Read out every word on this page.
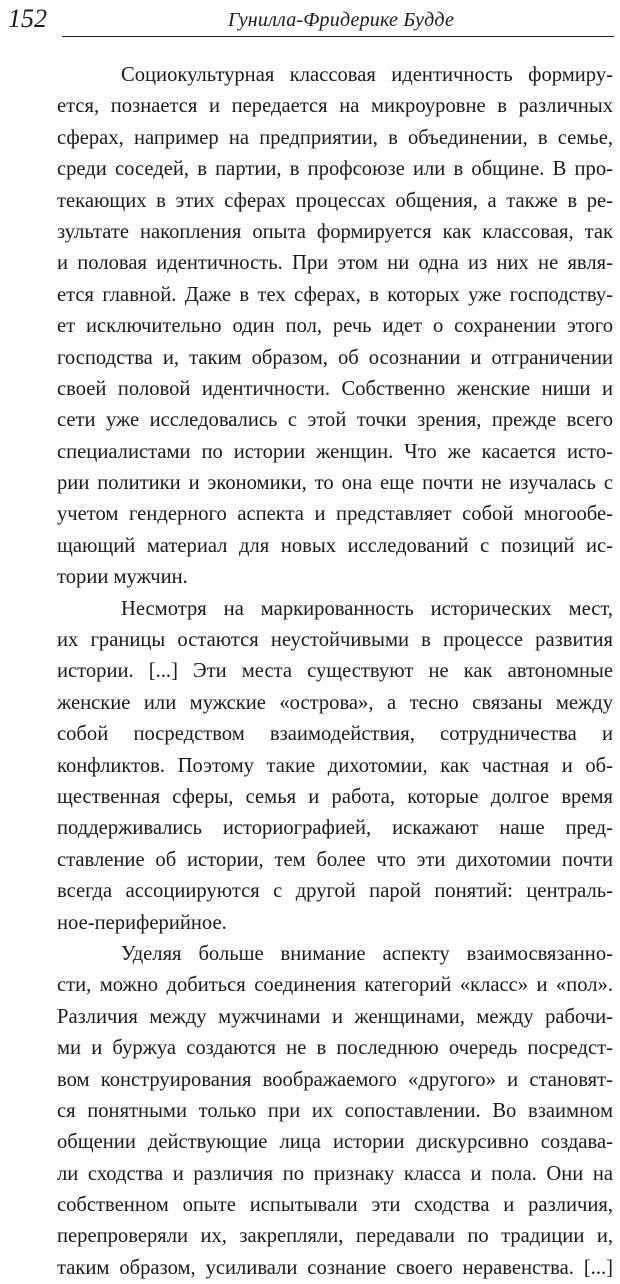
152	Гунилла-Фридерике Будде
Социокультурная классовая идентичность формиру-
ется, познается и передается на микроуровне в различных
сферах, например на предприятии, в объединении, в семье,
среди соседей, в партии, в профсоюзе или в общине. В про-
текающих в этих сферах процессах общения, а также в ре-
зультате накопления опыта формируется как классовая, так
и половая идентичность. При этом ни одна из них не явля-
ется главной. Даже в тех сферах, в которых уже господству-
ет исключительно один пол, речь идет о сохранении этого
господства и, таким образом, об осознании и отграничении
своей половой идентичности. Собственно женские ниши и
сети уже исследовались с этой точки зрения, прежде всего
специалистами по истории женщин. Что же касается исто-
рии политики и экономики, то она еще почти не изучалась с
учетом гендерного аспекта и представляет собой многообе-
щающий материал для новых исследований с позиций ис-
тории мужчин.
Несмотря на маркированность исторических мест,
их границы остаются неустойчивыми в процессе развития
истории. [...] Эти места существуют не как автономные
женские или мужские «острова», а тесно связаны между
собой посредством взаимодействия, сотрудничества и
конфликтов. Поэтому такие дихотомии, как частная и об-
щественная сферы, семья и работа, которые долгое время
поддерживались историографией, искажают наше пред-
ставление об истории, тем более что эти дихотомии почти
всегда ассоциируются с другой парой понятий: централь-
ное-периферийное.
Уделяя больше внимание аспекту взаимосвязанно-
сти, можно добиться соединения категорий «класс» и «пол».
Различия между мужчинами и женщинами, между рабочи-
ми и буржуа создаются не в последнюю очередь посредст-
вом конструирования воображаемого «другого» и становят-
ся понятными только при их сопоставлении. Во взаимном
общении действующие лица истории дискурсивно создава-
ли сходства и различия по признаку класса и пола. Они на
собственном опыте испытывали эти сходства и различия,
перепроверяли их, закрепляли, передавали по традиции и,
таким образом, усиливали сознание своего неравенства. [...]
